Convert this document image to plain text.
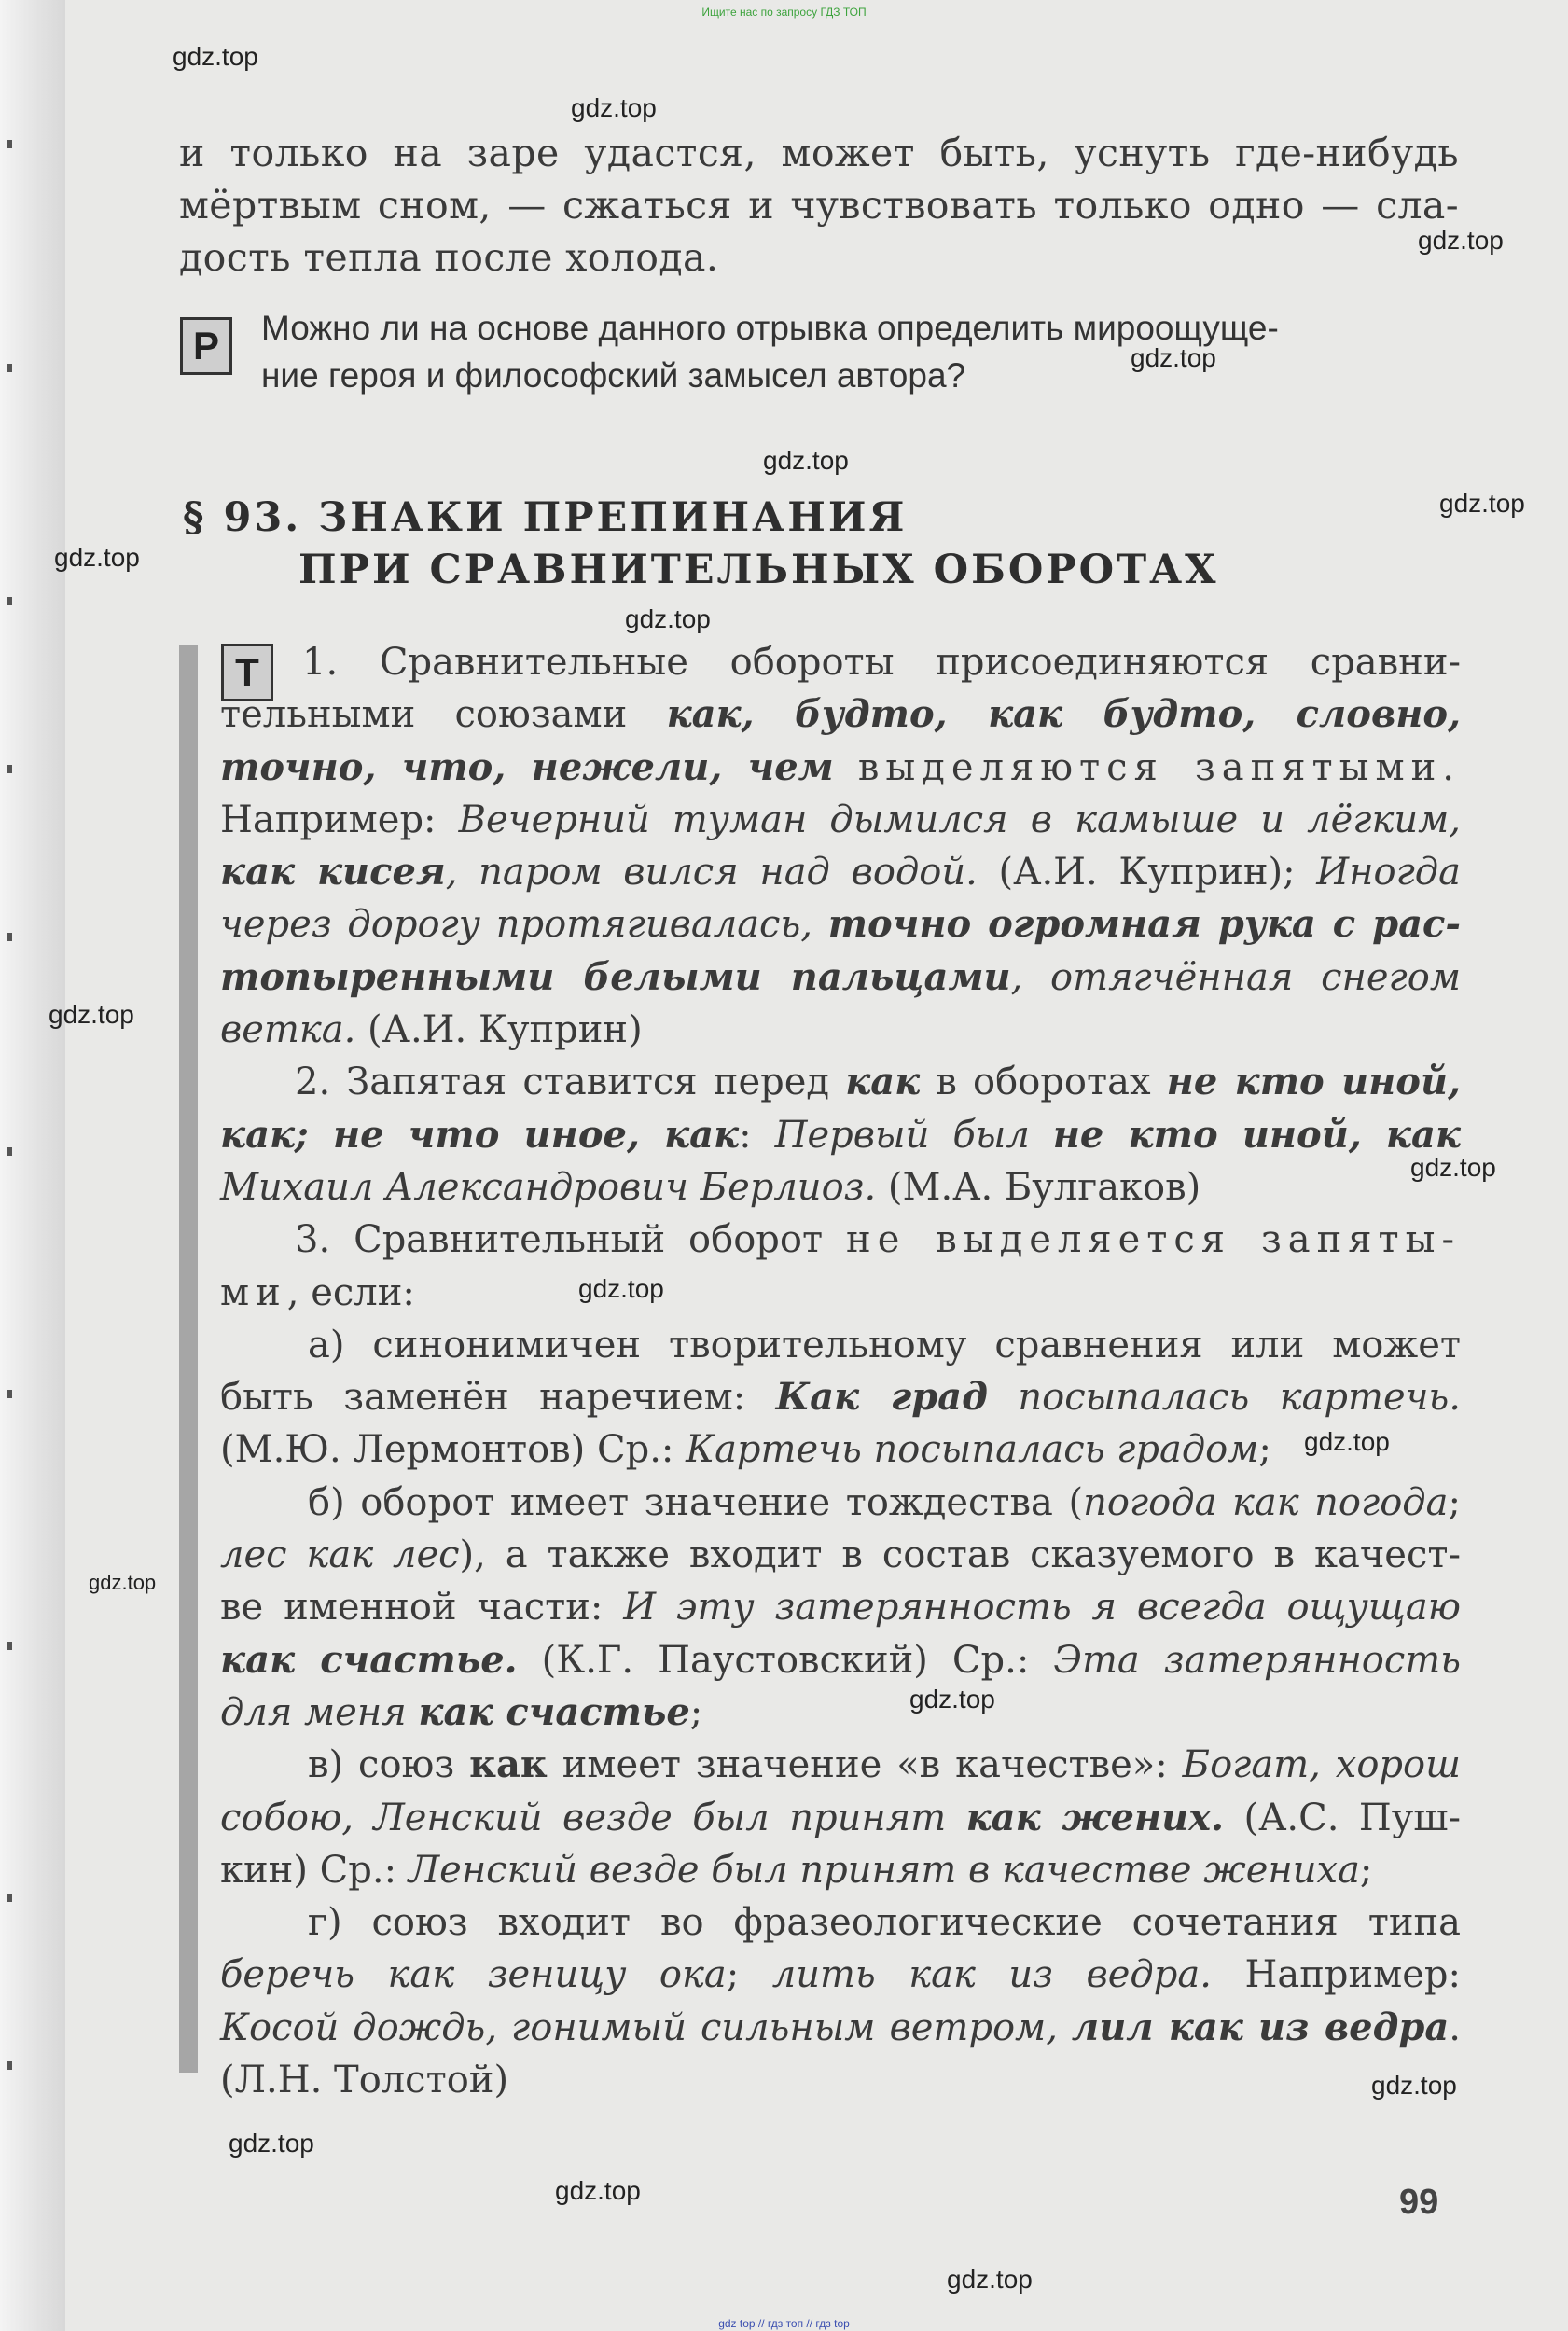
Ищите нас по запросу ГДЗ ТОП
gdz.top
gdz.top
gdz.top
gdz.top
gdz.top
gdz.top
gdz.top
gdz.top
gdz.top
gdz.top
gdz.top
gdz.top
gdz.top
gdz.top
gdz.top
gdz.top
gdz.top
gdz.top
и только на заре удастся, может быть, уснуть где-нибудь
мёртвым сном, — сжаться и чувствовать только одно — сла-
дость тепла после холода.
Р	Можно ли на основе данного отрывка определить мироощуще-
ние героя и философский замысел автора?
§ 93. ЗНАКИ ПРЕПИНАНИЯ
ПРИ СРАВНИТЕЛЬНЫХ ОБОРОТАХ
Т	1. Сравнительные обороты присоединяются сравни-
тельными союзами как, будто, как будто, словно,
точно, что, нежели, чем выделяются запятыми.
Например: Вечерний туман дымился в камыше и лёгким,
как кисея, паром вился над водой. (А.И. Куприн); Иногда
через дорогу протягивалась, точно огромная рука с рас-
топыренными белыми пальцами, отягчённая снегом
ветка. (А.И. Куприн)
2. Запятая ставится перед как в оборотах не кто иной,
как; не что иное, как: Первый был не кто иной, как
Михаил Александрович Берлиоз. (М.А. Булгаков)
3. Сравнительный оборот не выделяется запяты-
ми, если:
а) синонимичен творительному сравнения или может
быть заменён наречием: Как град посыпалась картечь.
(М.Ю. Лермонтов) Ср.: Картечь посыпалась градом;
б) оборот имеет значение тождества (погода как погода;
лес как лес), а также входит в состав сказуемого в качест-
ве именной части: И эту затерянность я всегда ощущаю
как счастье. (К.Г. Паустовский) Ср.: Эта затерянность
для меня как счастье;
в) союз как имеет значение «в качестве»: Богат, хорош
собою, Ленский везде был принят как жених. (А.С. Пуш-
кин) Ср.: Ленский везде был принят в качестве жениха;
г) союз входит во фразеологические сочетания типа
беречь как зеницу ока; лить как из ведра. Например:
Косой дождь, гонимый сильным ветром, лил как из ведра.
(Л.Н. Толстой)
99
gdz top // гдз топ // гдз top
